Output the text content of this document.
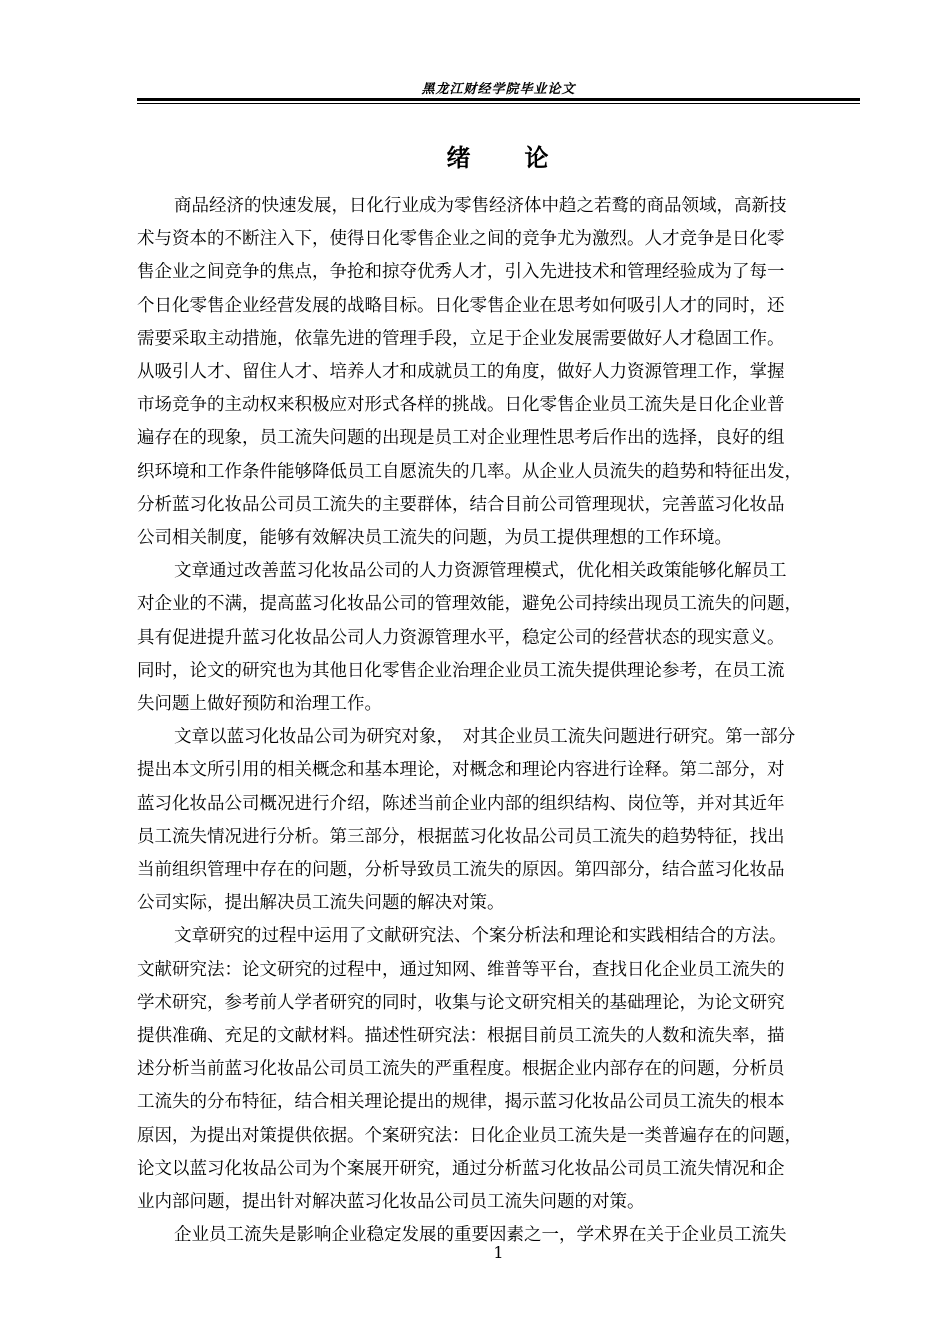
黑龙江财经学院毕业论文
绪　　论

商品经济的快速发展，日化行业成为零售经济体中趋之若鹜的商品领域，高新技
术与资本的不断注入下，使得日化零售企业之间的竞争尤为激烈。人才竞争是日化零
售企业之间竞争的焦点，争抢和掠夺优秀人才，引入先进技术和管理经验成为了每一
个日化零售企业经营发展的战略目标。日化零售企业在思考如何吸引人才的同时，还
需要采取主动措施，依靠先进的管理手段，立足于企业发展需要做好人才稳固工作。
从吸引人才、留住人才、培养人才和成就员工的角度，做好人力资源管理工作，掌握
市场竞争的主动权来积极应对形式各样的挑战。日化零售企业员工流失是日化企业普
遍存在的现象，员工流失问题的出现是员工对企业理性思考后作出的选择，良好的组
织环境和工作条件能够降低员工自愿流失的几率。从企业人员流失的趋势和特征出发，
分析蓝习化妆品公司员工流失的主要群体，结合目前公司管理现状，完善蓝习化妆品
公司相关制度，能够有效解决员工流失的问题，为员工提供理想的工作环境。

文章通过改善蓝习化妆品公司的人力资源管理模式，优化相关政策能够化解员工
对企业的不满，提高蓝习化妆品公司的管理效能，避免公司持续出现员工流失的问题，
具有促进提升蓝习化妆品公司人力资源管理水平，稳定公司的经营状态的现实意义。
同时，论文的研究也为其他日化零售企业治理企业员工流失提供理论参考，在员工流
失问题上做好预防和治理工作。

文章以蓝习化妆品公司为研究对象，　对其企业员工流失问题进行研究。第一部分
提出本文所引用的相关概念和基本理论，对概念和理论内容进行诠释。第二部分，对
蓝习化妆品公司概况进行介绍，陈述当前企业内部的组织结构、岗位等，并对其近年
员工流失情况进行分析。第三部分，根据蓝习化妆品公司员工流失的趋势特征，找出
当前组织管理中存在的问题，分析导致员工流失的原因。第四部分，结合蓝习化妆品
公司实际，提出解决员工流失问题的解决对策。

文章研究的过程中运用了文献研究法、个案分析法和理论和实践相结合的方法。
文献研究法：论文研究的过程中，通过知网、维普等平台，查找日化企业员工流失的
学术研究，参考前人学者研究的同时，收集与论文研究相关的基础理论，为论文研究
提供准确、充足的文献材料。描述性研究法：根据目前员工流失的人数和流失率，描
述分析当前蓝习化妆品公司员工流失的严重程度。根据企业内部存在的问题，分析员
工流失的分布特征，结合相关理论提出的规律，揭示蓝习化妆品公司员工流失的根本
原因，为提出对策提供依据。个案研究法：日化企业员工流失是一类普遍存在的问题，
论文以蓝习化妆品公司为个案展开研究，通过分析蓝习化妆品公司员工流失情况和企
业内部问题，提出针对解决蓝习化妆品公司员工流失问题的对策。

企业员工流失是影响企业稳定发展的重要因素之一，学术界在关于企业员工流失

1
